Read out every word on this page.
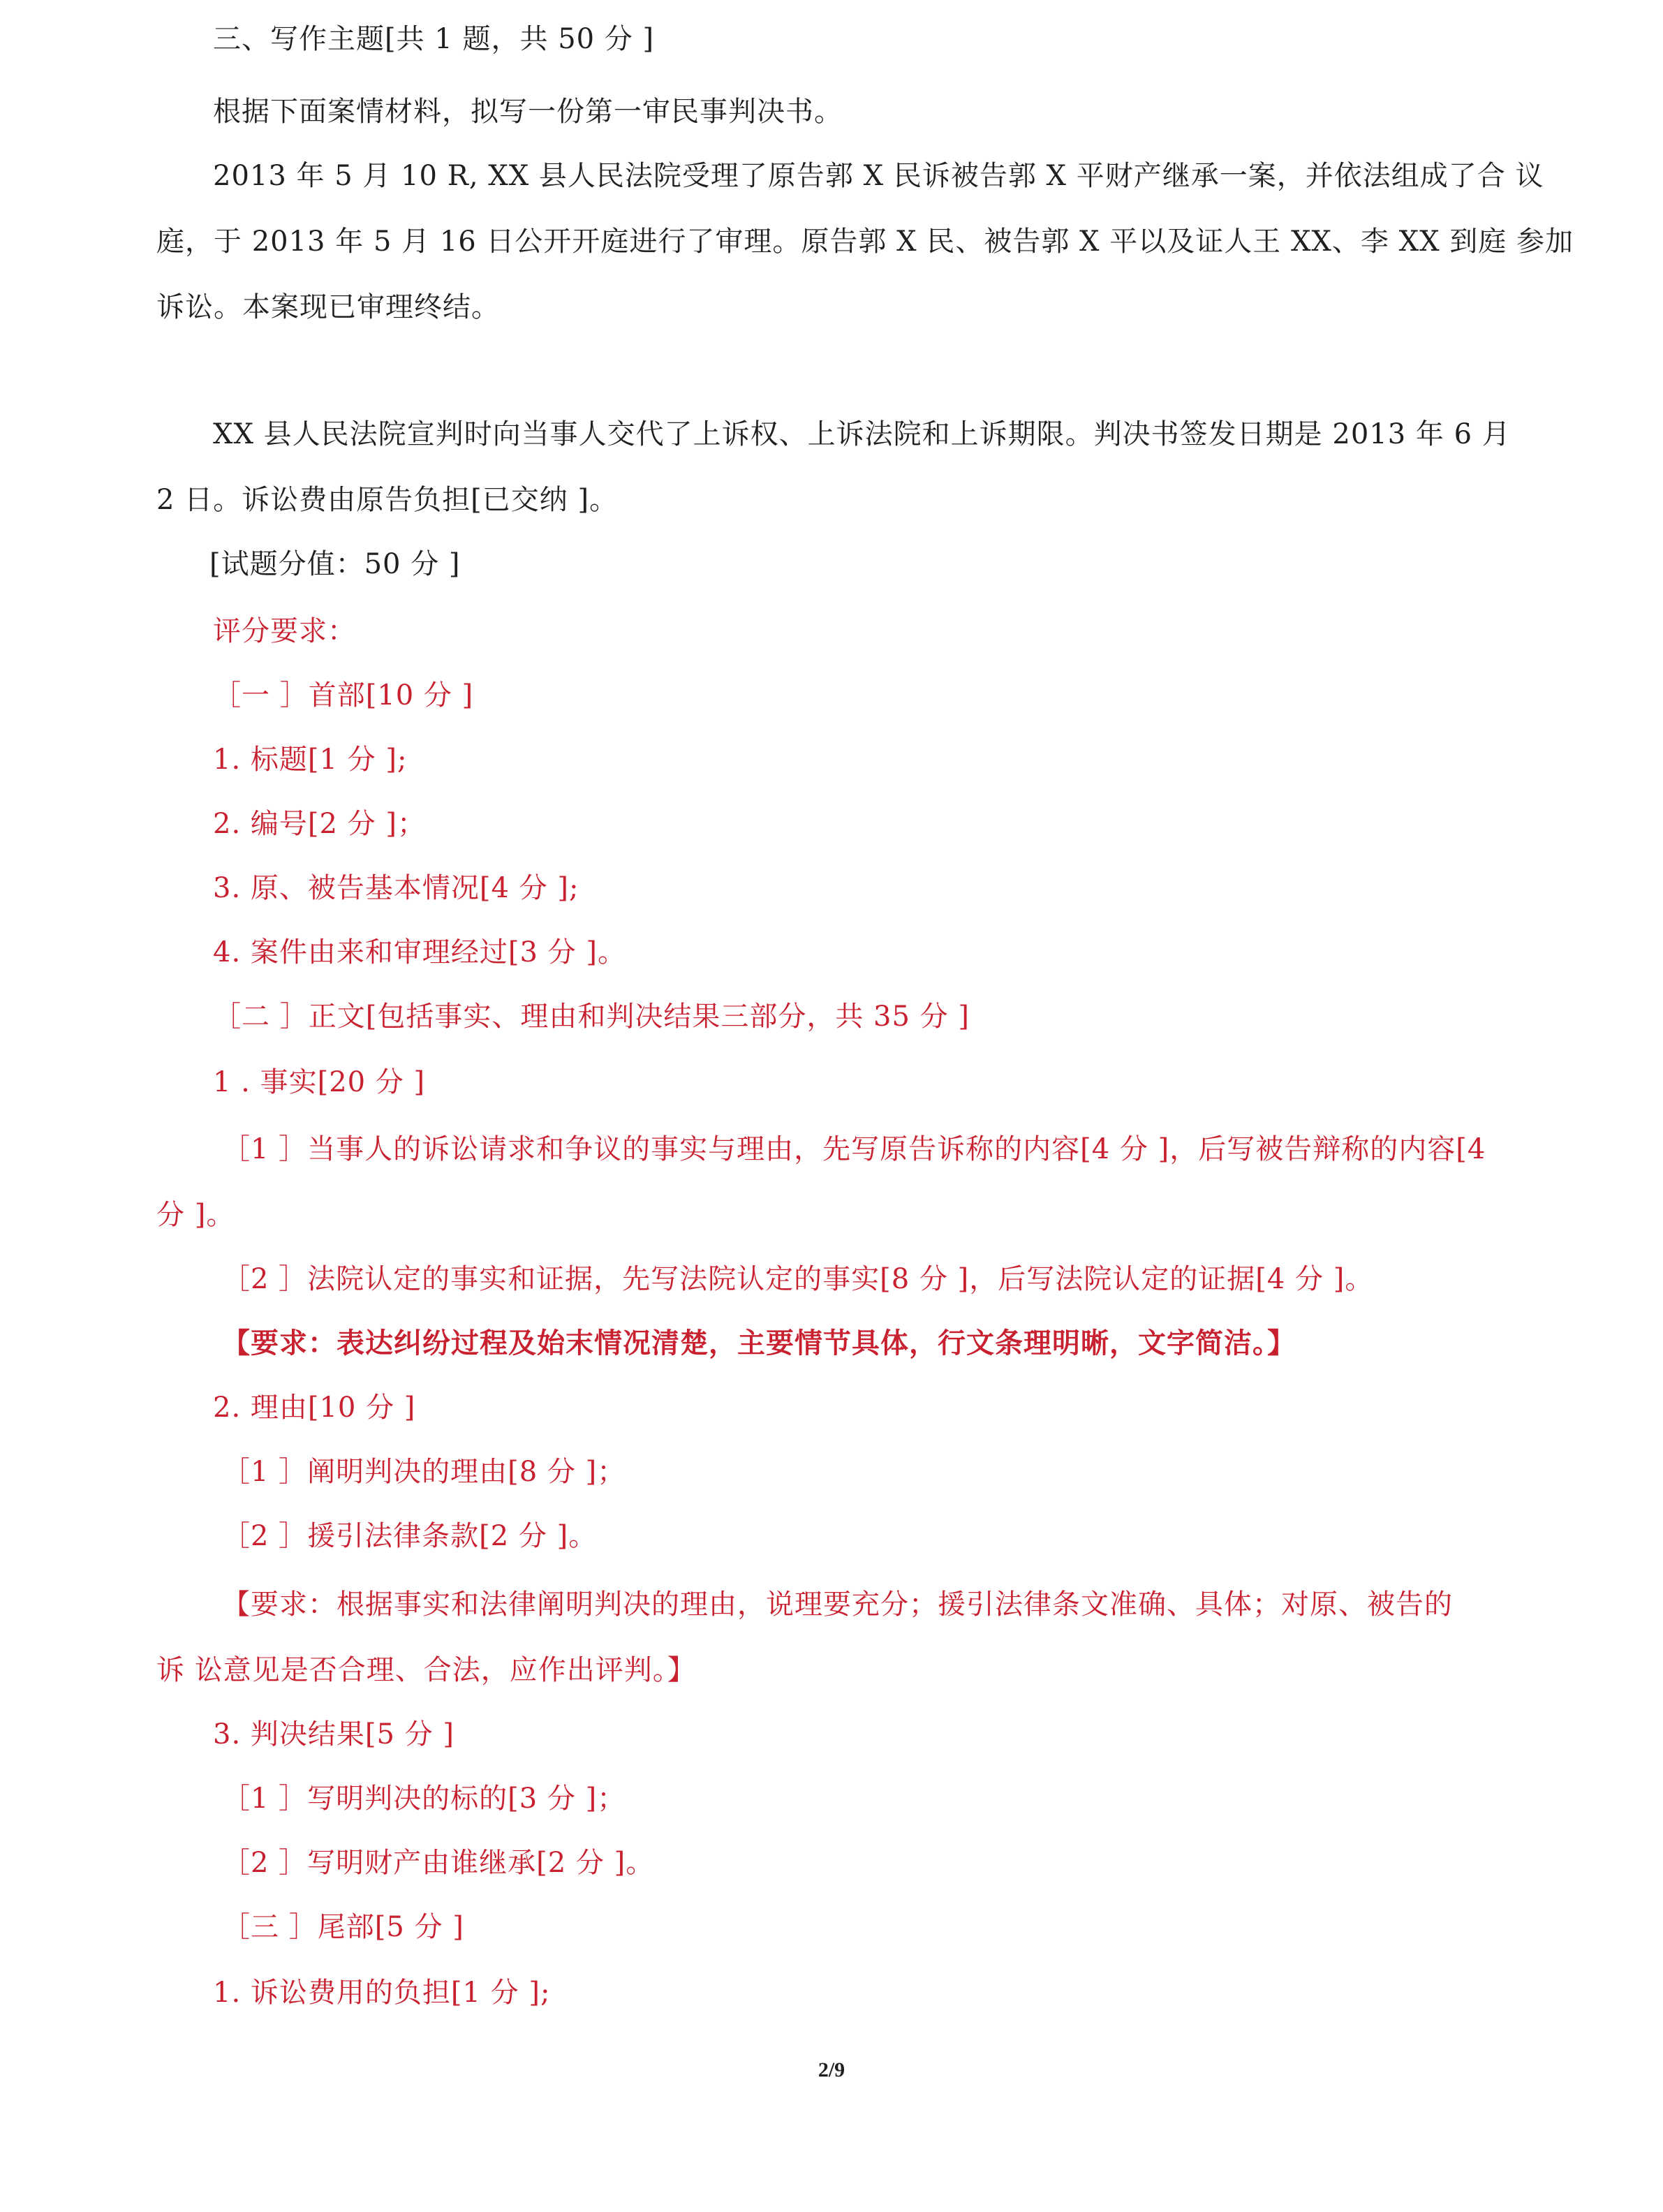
三、写作主题[共 1 题，共 50 分 ]
根据下面案情材料，拟写一份第一审民事判决书。
2013 年 5 月 10 R, XX 县人民法院受理了原告郭 X 民诉被告郭 X 平财产继承一案，并依法组成了合 议
庭，于 2013 年 5 月 16 日公开开庭进行了审理。原告郭 X 民、被告郭 X 平以及证人王 XX、李 XX 到庭 参加
诉讼。本案现已审理终结。
XX 县人民法院宣判时向当事人交代了上诉权、上诉法院和上诉期限。判决书签发日期是 2013 年 6 月
2 日。诉讼费由原告负担[已交纳 ]。
[试题分值：50 分 ]
评分要求：
［一 ］首部[10 分 ]
1. 标题[1 分 ];
2. 编号[2 分 ]；
3. 原、被告基本情况[4 分 ];
4. 案件由来和审理经过[3 分 ]。
［二 ］正文[包括事实、理由和判决结果三部分，共 35 分 ]
1 . 事实[20 分 ]
［1 ］当事人的诉讼请求和争议的事实与理由，先写原告诉称的内容[4 分 ]，后写被告辩称的内容[4
分 ]。
［2 ］法院认定的事实和证据，先写法院认定的事实[8 分 ]，后写法院认定的证据[4 分 ]。
【要求：表达纠纷过程及始末情况清楚，主要情节具体，行文条理明晰，文字简洁。】
2. 理由[10 分 ]
［1 ］阐明判决的理由[8 分 ]；
［2 ］援引法律条款[2 分 ]。
【要求：根据事实和法律阐明判决的理由，说理要充分；援引法律条文准确、具体；对原、被告的
诉 讼意见是否合理、合法，应作出评判。】
3. 判决结果[5 分 ]
［1 ］写明判决的标的[3 分 ]；
［2 ］写明财产由谁继承[2 分 ]。
［三 ］尾部[5 分 ]
1. 诉讼费用的负担[1 分 ];
2/9
